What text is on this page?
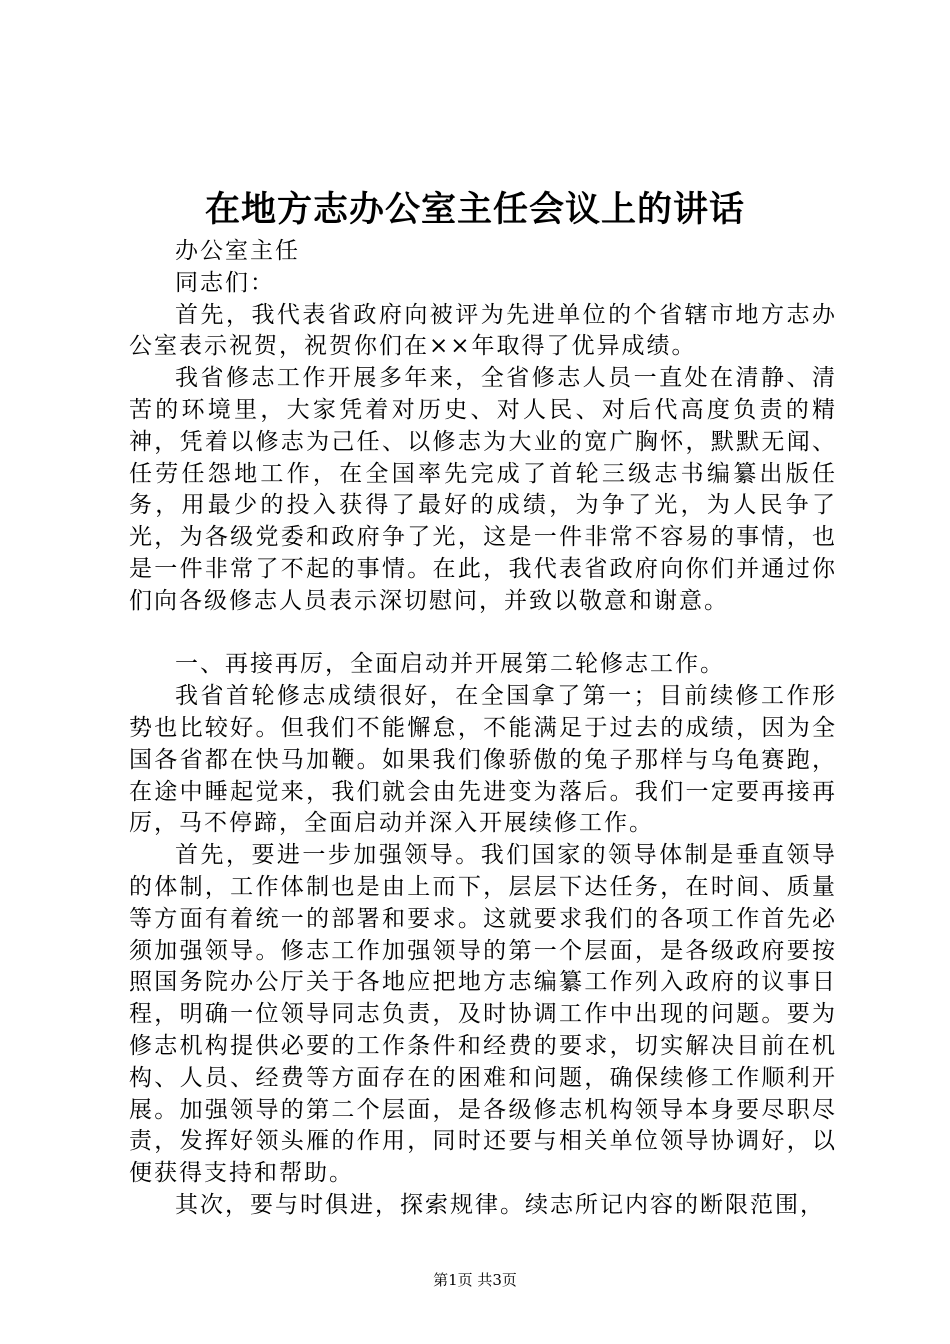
在地方志办公室主任会议上的讲话

办公室主任

同志们：

首先，我代表省政府向被评为先进单位的个省辖市地方志办公室表示祝贺，祝贺你们在××年取得了优异成绩。

我省修志工作开展多年来，全省修志人员一直处在清静、清苦的环境里，大家凭着对历史、对人民、对后代高度负责的精神，凭着以修志为己任、以修志为大业的宽广胸怀，默默无闻、任劳任怨地工作，在全国率先完成了首轮三级志书编纂出版任务，用最少的投入获得了最好的成绩，为争了光，为人民争了光，为各级党委和政府争了光，这是一件非常不容易的事情，也是一件非常了不起的事情。在此，我代表省政府向你们并通过你们向各级修志人员表示深切慰问，并致以敬意和谢意。

一、再接再厉，全面启动并开展第二轮修志工作。

我省首轮修志成绩很好，在全国拿了第一；目前续修工作形势也比较好。但我们不能懈怠，不能满足于过去的成绩，因为全国各省都在快马加鞭。如果我们像骄傲的兔子那样与乌龟赛跑，在途中睡起觉来，我们就会由先进变为落后。我们一定要再接再厉，马不停蹄，全面启动并深入开展续修工作。

首先，要进一步加强领导。我们国家的领导体制是垂直领导的体制，工作体制也是由上而下，层层下达任务，在时间、质量等方面有着统一的部署和要求。这就要求我们的各项工作首先必须加强领导。修志工作加强领导的第一个层面，是各级政府要按照国务院办公厅关于各地应把地方志编纂工作列入政府的议事日程，明确一位领导同志负责，及时协调工作中出现的问题。要为修志机构提供必要的工作条件和经费的要求，切实解决目前在机构、人员、经费等方面存在的困难和问题，确保续修工作顺利开展。加强领导的第二个层面，是各级修志机构领导本身要尽职尽责，发挥好领头雁的作用，同时还要与相关单位领导协调好，以便获得支持和帮助。

其次，要与时俱进，探索规律。续志所记内容的断限范围，

第1页 共3页
